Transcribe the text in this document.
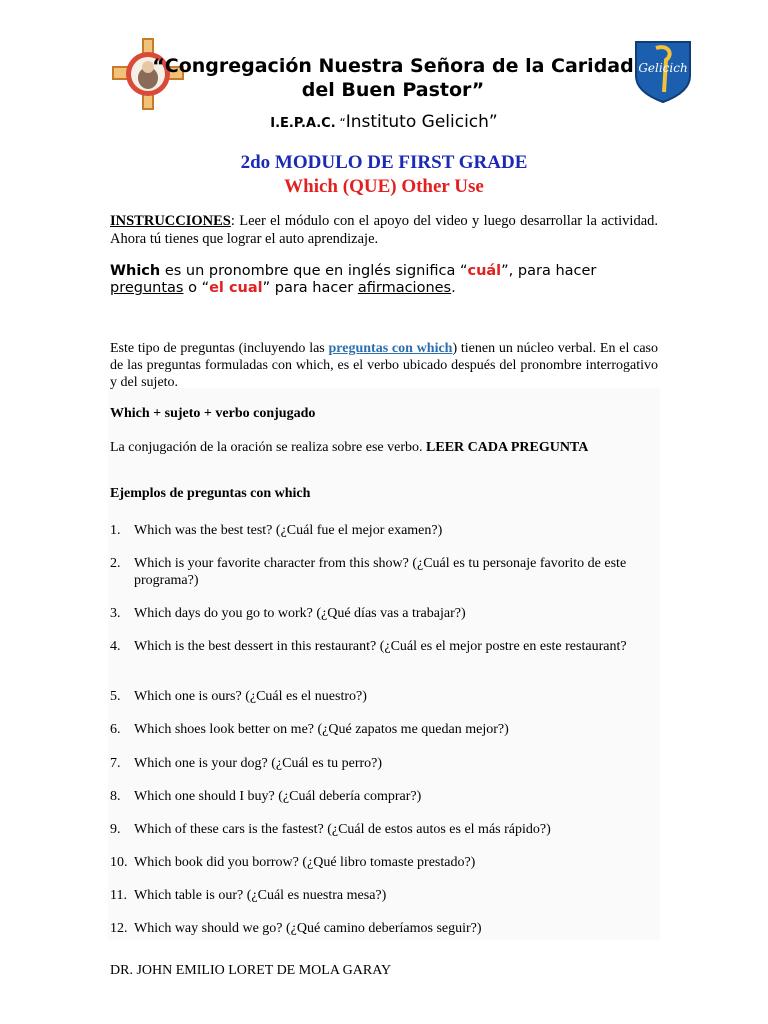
Gelicich
“Congregación Nuestra Señora de la Caridad
del Buen Pastor”
I.E.P.A.C. “Instituto Gelicich”
2do MODULO DE FIRST GRADE
Which (QUE) Other Use
INSTRUCCIONES: Leer el módulo con el apoyo del video y luego desarrollar la actividad. Ahora tú tienes que lograr el auto aprendizaje.
Which es un pronombre que en inglés significa “cuál”, para hacer preguntas o “el cual” para hacer afirmaciones.
Este tipo de preguntas (incluyendo las preguntas con which) tienen un núcleo verbal. En el caso de las preguntas formuladas con which, es el verbo ubicado después del pronombre interrogativo y del sujeto.
Which + sujeto + verbo conjugado
La conjugación de la oración se realiza sobre ese verbo. LEER CADA PREGUNTA
Ejemplos de preguntas con which
1. Which was the best test? (¿Cuál fue el mejor examen?)
2. Which is your favorite character from this show? (¿Cuál es tu personaje favorito de este programa?)
3. Which days do you go to work? (¿Qué días vas a trabajar?)
4. Which is the best dessert in this restaurant? (¿Cuál es el mejor postre en este restaurant?
5. Which one is ours? (¿Cuál es el nuestro?)
6. Which shoes look better on me? (¿Qué zapatos me quedan mejor?)
7. Which one is your dog? (¿Cuál es tu perro?)
8. Which one should I buy? (¿Cuál debería comprar?)
9. Which of these cars is the fastest? (¿Cuál de estos autos es el más rápido?)
10. Which book did you borrow? (¿Qué libro tomaste prestado?)
11. Which table is our? (¿Cuál es nuestra mesa?)
12. Which way should we go? (¿Qué camino deberíamos seguir?)
DR. JOHN EMILIO LORET DE MOLA GARAY
